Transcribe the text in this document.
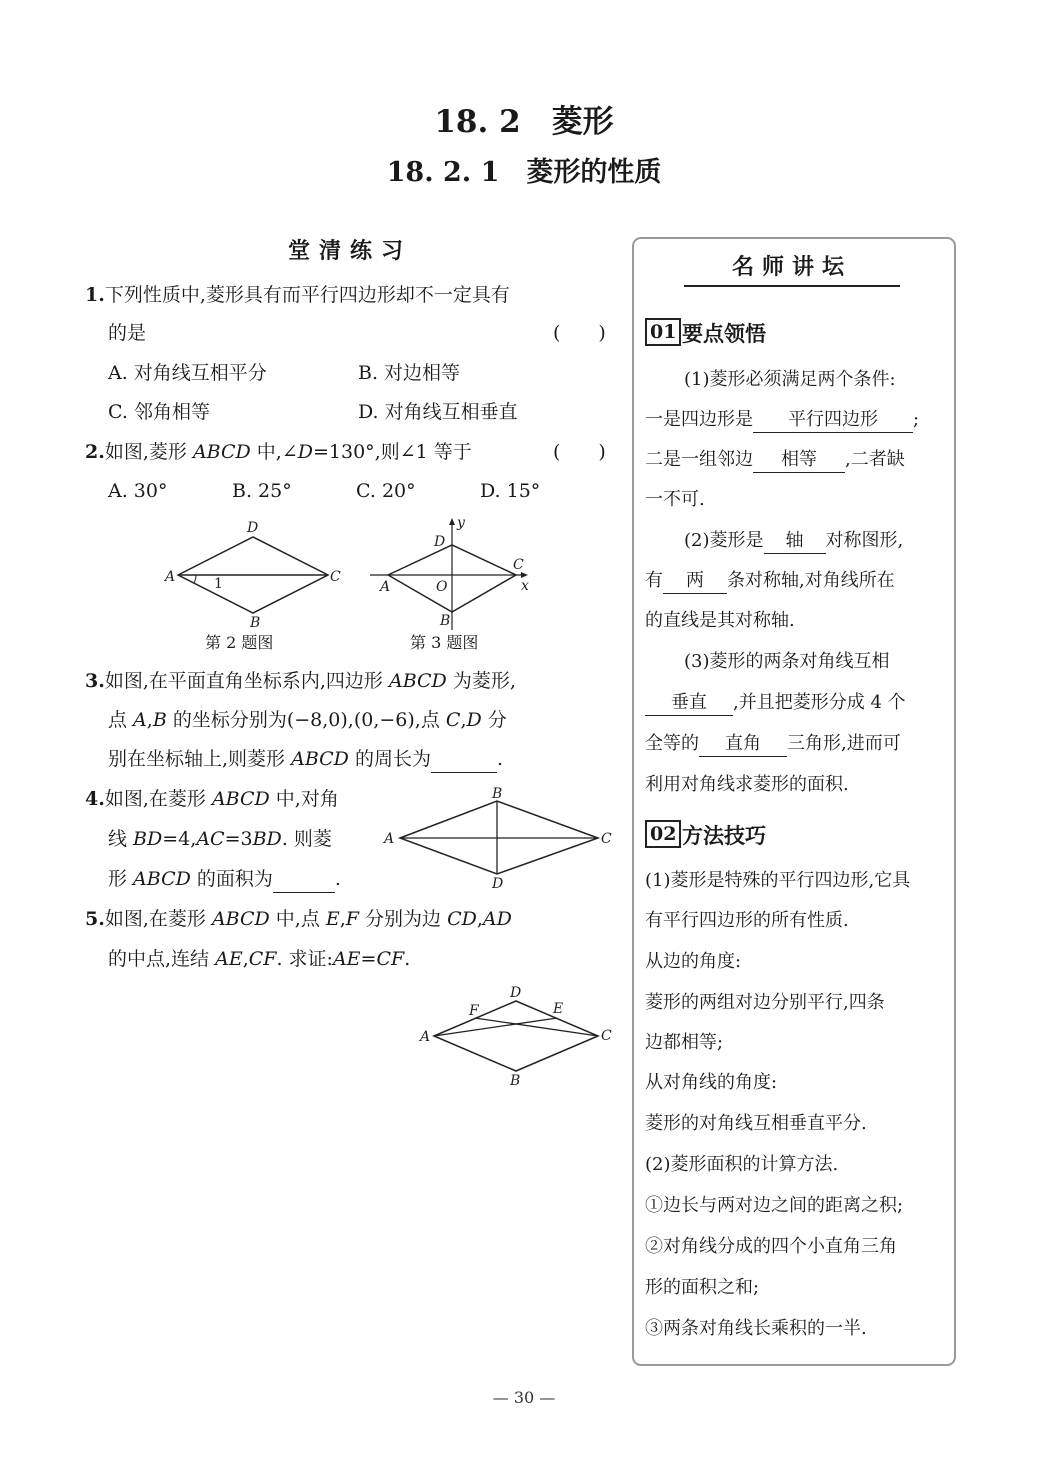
18. 2　菱形
18. 2. 1　菱形的性质
堂清练习
1.下列性质中,菱形具有而平行四边形却不一定具有
的是	(　　)
A. 对角线互相平分	B. 对边相等
C. 邻角相等	D. 对角线互相垂直
2.如图,菱形 ABCD 中,∠D=130°,则∠1 等于	(　　)
A. 30°	B. 25°	C. 20°	D. 15°
D
A	C
B
1
y
D
A	O
C
x
B
第 2 题图	第 3 题图
3.如图,在平面直角坐标系内,四边形 ABCD 为菱形,
点 A,B 的坐标分别为(−8,0),(0,−6),点 C,D 分
别在坐标轴上,则菱形 ABCD 的周长为	.
4.如图,在菱形 ABCD 中,对角
线 BD=4,AC=3BD. 则菱
形 ABCD 的面积为	.
B
A	C
D
5.如图,在菱形 ABCD 中,点 E,F 分别为边 CD,AD
的中点,连结 AE,CF. 求证:AE=CF.
D
F	E
A	C
B
名师讲坛
01 要点领悟
(1)菱形必须满足两个条件:
一是四边形是 平行四边形 ;
二是一组邻边 相等 ,二者缺
一不可.
(2)菱形是 轴 对称图形,
有 两 条对称轴,对角线所在
的直线是其对称轴.
(3)菱形的两条对角线互相
垂直 ,并且把菱形分成 4 个
全等的 直角 三角形,进而可
利用对角线求菱形的面积.
02 方法技巧
(1)菱形是特殊的平行四边形,它具
有平行四边形的所有性质.
从边的角度:
菱形的两组对边分别平行,四条
边都相等;
从对角线的角度:
菱形的对角线互相垂直平分.
(2)菱形面积的计算方法.
①边长与两对边之间的距离之积;
②对角线分成的四个小直角三角
形的面积之和;
③两条对角线长乘积的一半.
— 30 —
